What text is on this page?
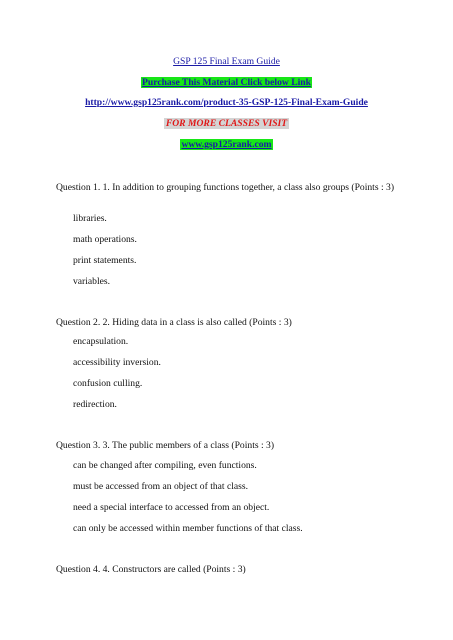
GSP 125 Final Exam Guide
Purchase This Material Click below Link
http://www.gsp125rank.com/product-35-GSP-125-Final-Exam-Guide
FOR MORE CLASSES VISIT
www.gsp125rank.com
Question 1. 1. In addition to grouping functions together, a class also groups (Points : 3)
libraries.
math operations.
print statements.
variables.
Question 2. 2. Hiding data in a class is also called (Points : 3)
encapsulation.
accessibility inversion.
confusion culling.
redirection.
Question 3. 3. The public members of a class (Points : 3)
can be changed after compiling, even functions.
must be accessed from an object of that class.
need a special interface to accessed from an object.
can only be accessed within member functions of that class.
Question 4. 4. Constructors are called (Points : 3)
